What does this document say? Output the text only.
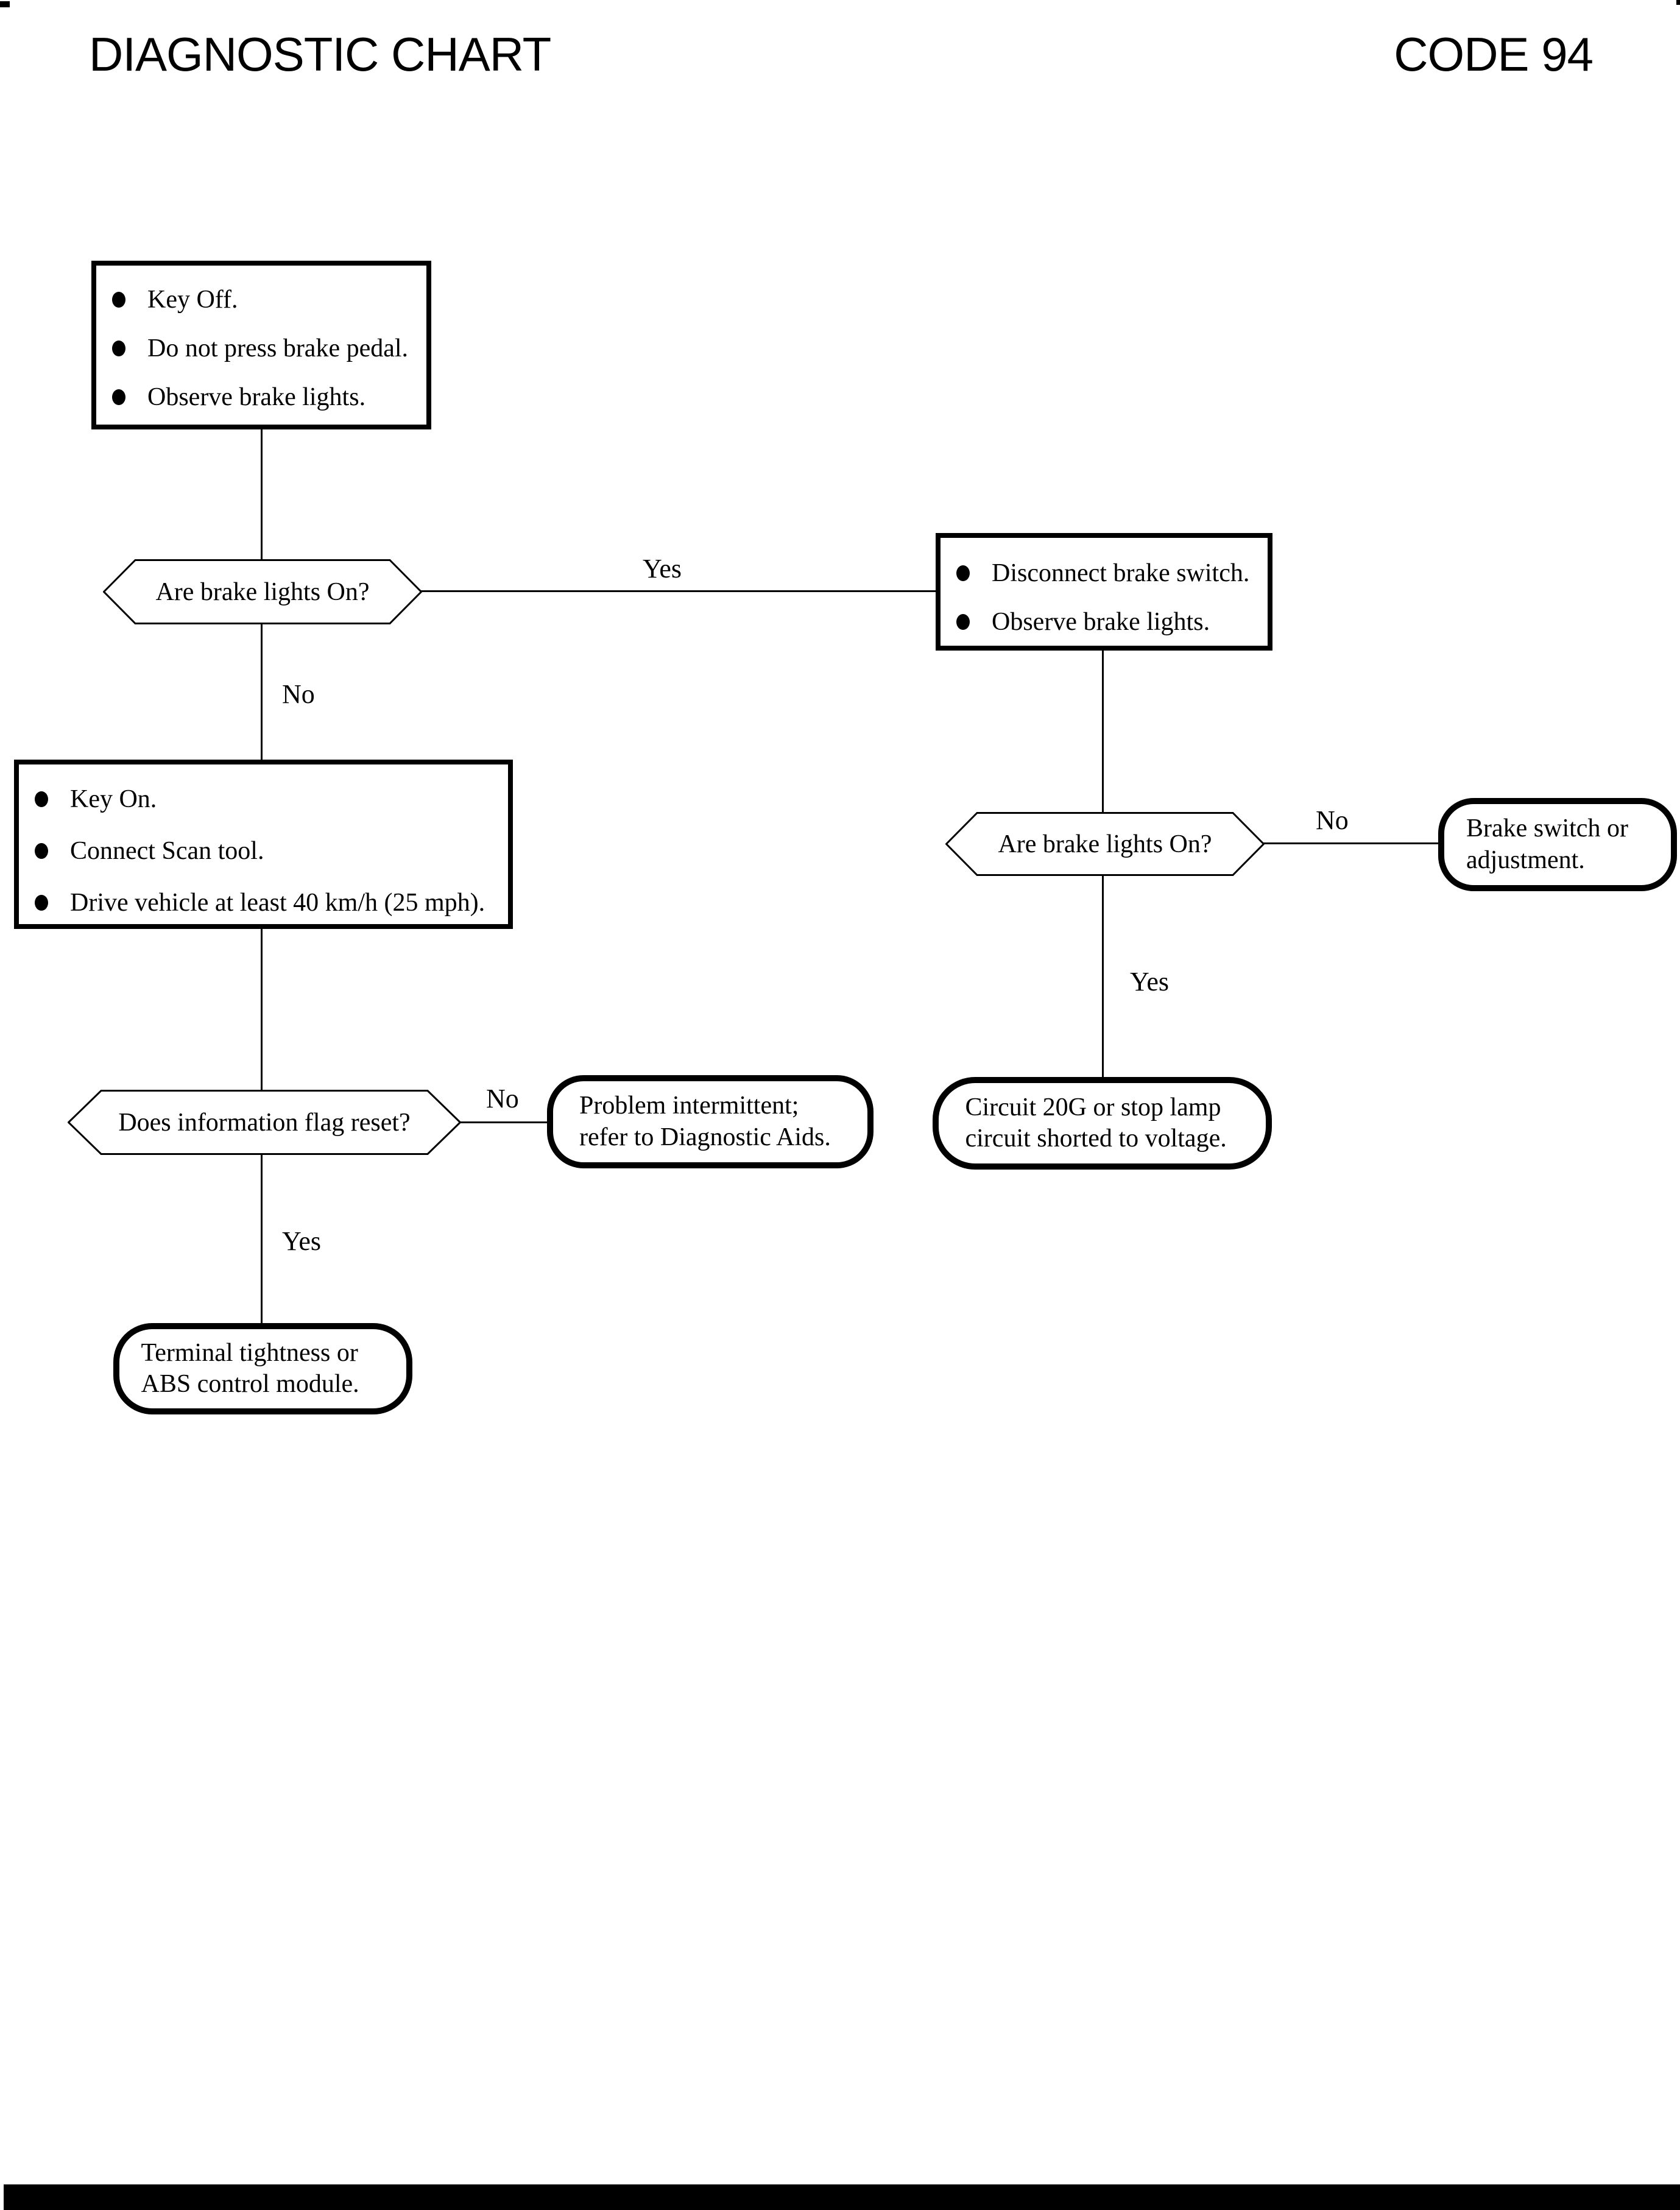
DIAGNOSTIC CHART	CODE 94
Key Off.
Do not press brake pedal.
Observe brake lights.
Are brake lights On?
Disconnect brake switch.
Observe brake lights.
Key On.
Connect Scan tool.
Drive vehicle at least 40 km/h (25 mph).
Are brake lights On?
Brake switch or adjustment.
Does information flag reset?
Problem intermittent; refer to Diagnostic Aids.
Circuit 20G or stop lamp circuit shorted to voltage.
Terminal tightness or ABS control module.
Yes
No
No
Yes
No
Yes
